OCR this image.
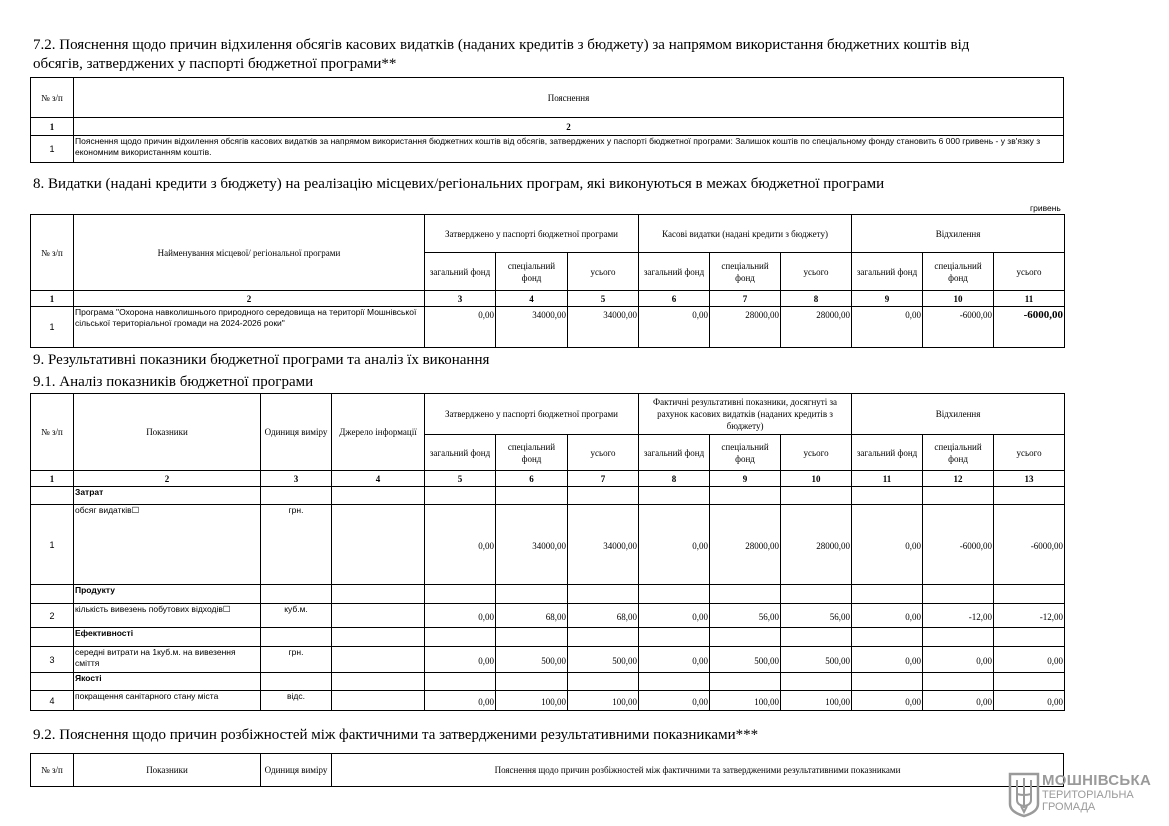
7.2. Пояснення щодо причин відхилення обсягів касових видатків (наданих кредитів з бюджету) за напрямом використання бюджетних коштів від
обсягів, затверджених у паспорті бюджетної програми**
№ з/п	Пояснення
1	2
1	Пояснення щодо причин відхилення обсягів касових видатків за напрямом використання бюджетних коштів від обсягів, затверджених у паспорті бюджетної програми: Залишок коштів по спеціальному фонду становить 6 000 гривень - у зв'язку з економним використанням коштів.
8. Видатки (надані кредити з бюджету) на реалізацію місцевих/регіональних програм, які виконуються в межах бюджетної програми
гривень
№ з/п	Найменування місцевої/ регіональної програми	Затверджено у паспорті бюджетної програми			Касові видатки (надані кредити з бюджету)			Відхилення		
		загальний фонд	спеціальний фонд	усього	загальний фонд	спеціальний фонд	усього	загальний фонд	спеціальний фонд	усього
1	2	3	4	5	6	7	8	9	10	11
1	Програма "Охорона навколишнього природного середовища на території Мошнівської сільської територіальної громади на 2024-2026 роки"	0,00	34000,00	34000,00	0,00	28000,00	28000,00	0,00	-6000,00	-6000,00
9. Результативні показники бюджетної програми та аналіз їх виконання
9.1. Аналіз показників бюджетної програми
№ з/п	Показники	Одиниця виміру	Джерело інформації	Затверджено у паспорті бюджетної програми			Фактичні результативні показники, досягнуті за рахунок касових видатків (наданих кредитів з бюджету)			Відхилення		
				загальний фонд	спеціальний фонд	усього	загальний фонд	спеціальний фонд	усього	загальний фонд	спеціальний фонд	усього
1	2	3	4	5	6	7	8	9	10	11	12	13
	Затрат											
1	обсяг видатків☐	грн.		0,00	34000,00	34000,00	0,00	28000,00	28000,00	0,00	-6000,00	-6000,00
	Продукту											
2	кількість вивезень побутових відходів☐	куб.м.		0,00	68,00	68,00	0,00	56,00	56,00	0,00	-12,00	-12,00
	Ефективності											
3	середні витрати на 1куб.м. на вивезення сміття	грн.		0,00	500,00	500,00	0,00	500,00	500,00	0,00	0,00	0,00
	Якості											
4	покращення санітарного стану міста	відс.		0,00	100,00	100,00	0,00	100,00	100,00	0,00	0,00	0,00
9.2. Пояснення щодо причин розбіжностей між фактичними та затвердженими результативними показниками***
№ з/п	Показники	Одиниця виміру	Пояснення щодо причин розбіжностей між фактичними та затвердженими результативними показниками
МОШНІВСЬКА
ТЕРИТОРІАЛЬНА
ГРОМАДА
